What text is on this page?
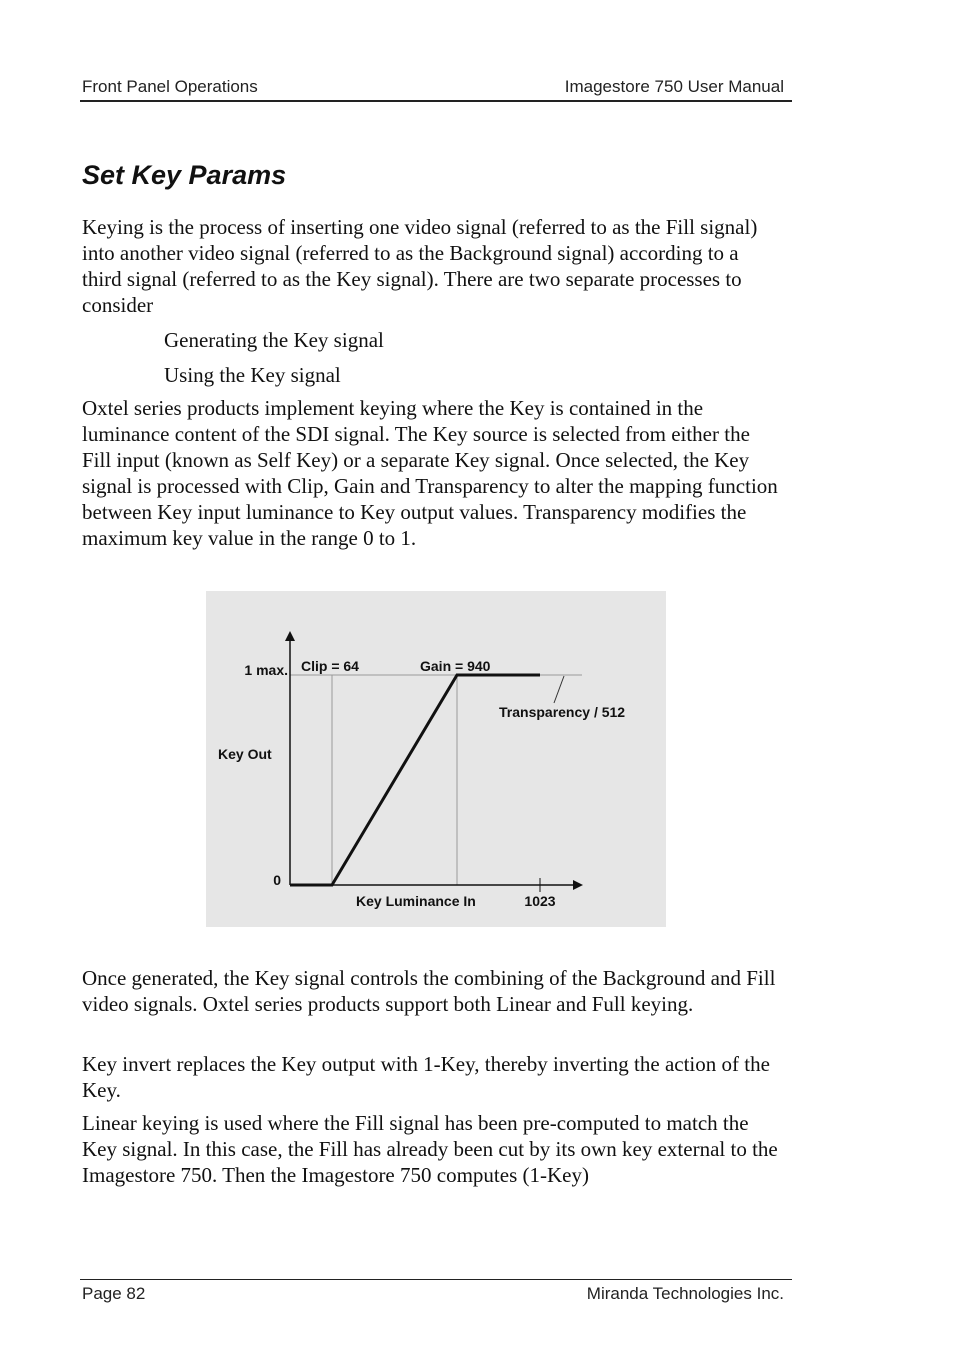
Front Panel Operations	Imagestore 750 User Manual
Set Key Params

Keying is the process of inserting one video signal (referred to as the Fill signal) into another video signal (referred to as the Background signal) according to a third signal (referred to as the Key signal). There are two separate processes to consider

Generating the Key signal

Using the Key signal

Oxtel series products implement keying where the Key is contained in the luminance content of the SDI signal. The Key source is selected from either the Fill input (known as Self Key) or a separate Key signal. Once selected, the Key signal is processed with Clip, Gain and Transparency to alter the mapping function between Key input luminance to Key output values. Transparency modifies the maximum key value in the range 0 to 1.

1 max.
Key Out
0
Key Luminance In	1023
Clip = 64	Gain = 940
Transparency / 512

Once generated, the Key signal controls the combining of the Background and Fill video signals. Oxtel series products support both Linear and Full keying.

Key invert replaces the Key output with 1-Key, thereby inverting the action of the Key.

Linear keying is used where the Fill signal has been pre-computed to match the Key signal. In this case, the Fill has already been cut by its own key external to the Imagestore 750. Then the Imagestore 750 computes (1-Key)

Page 82	Miranda Technologies Inc.
